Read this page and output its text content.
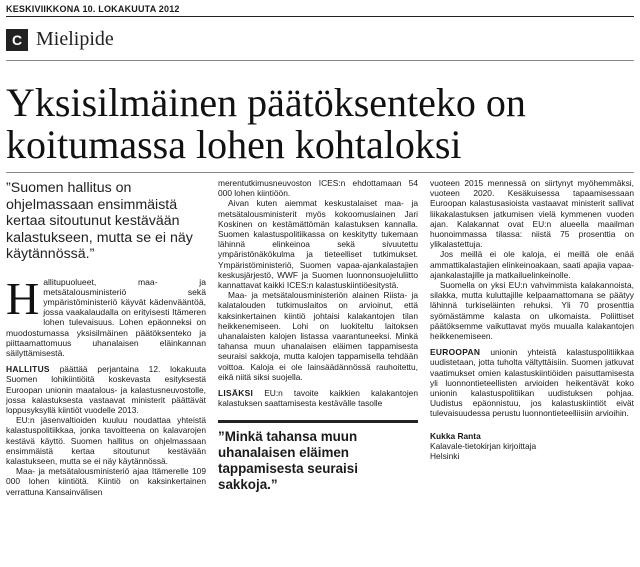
KESKIVIIKKONA 10. LOKAKUUTA 2012
C Mielipide
Yksisilmäinen päätöksenteko on koitumassa lohen kohtaloksi
”Suomen hallitus on ohjelmassaan ensimmäistä kertaa sitoutunut kestävään kalastukseen, mutta se ei näy käytännössä.”

Hallitupuolueet, maa- ja metsätalousministeriö sekä ympäristöministeriö käyvät kädenvääntöä, jossa vaakalaudalla on erityisesti Itämeren lohen tulevaisuus. Lohen epäonneksi on muodostumassa yksisilmäinen päätöksenteko ja piittaamattomuus uhanalaisen eläinkannan säilyttämisestä.

HALLITUS päättää perjantaina 12. lokakuuta Suomen lohikiintiöitä koskevasta esityksestä Euroopan unionin maatalous- ja kalastusneuvostolle, jossa kalastuksesta vastaavat ministerit päättävät loppusyksyllä kiintiöt vuodelle 2013.

EU:n jäsenvaltioiden kuuluu noudattaa yhteistä kalastuspolitiikkaa, jonka tavoitteena on kalavarojen kestävä käyttö. Suomen hallitus on ohjelmassaan ensimmäistä kertaa sitoutunut kestävään kalastukseen, mutta se ei näy käytännössä.

Maa- ja metsätalousministeriö ajaa Itämerelle 109 000 lohen kiintiötä. Kiintiö on kaksinkertainen verrattuna Kansainvälisen

merentutkimusneuvoston ICES:n ehdottamaan 54 000 lohen kiintiöön.

Aivan kuten aiemmat keskustalaiset maa- ja metsätalousministerit myös kokoomuslainen Jari Koskinen on kestämättömän kalastuksen kannalla. Suomen kalastuspolitiikassa on keskitytty tukemaan lähinnä elinkeinoa sekä sivuutettu ympäristönäkökulma ja tieteelliset tutkimukset. Ympäristöministeriö, Suomen vapaa-ajankalastajien keskusjärjestö, WWF ja Suomen luonnonsuojeluliitto kannattavat kaikki ICES:n kalastuskiintiöesitystä.

Maa- ja metsätalousministeriön alainen Riista- ja kalatalouden tutkimuslaitos on arvioinut, että kaksinkertainen kiintiö johtaisi kalakantojen tilan heikkenemiseen. Lohi on luokiteltu laitoksen uhanalaisten kalojen listassa vaarantuneeksi. Minkä tahansa muun uhanalaisen eläimen tappamisesta seuraisi sakkoja, mutta kalojen tappamisella tehdään voittoa. Kaloja ei ole lainsäädännössä rauhoitettu, eikä niitä siksi suojella.

LISÄKSI EU:n tavoite kaikkien kalakantojen kalastuksen saattamisesta kestävälle tasolle

”Minkä tahansa muun uhanalaisen eläimen tappamisesta seuraisi sakkoja.”

vuoteen 2015 mennessä on siirtynyt myöhemmäksi, vuoteen 2020. Kesäkuisessa tapaamisessaan Euroopan kalastusasioista vastaavat ministerit sallivat liikakalastuksen jatkumisen vielä kymmenen vuoden ajan. Kalakannat ovat EU:n alueella maailman huonoimmassa tilassa: niistä 75 prosenttia on ylikalastettuja.

Jos meillä ei ole kaloja, ei meillä ole enää ammattikalastajien elinkeinoakaan, saati apajia vapaa-ajankalastajille ja matkailuelinkeinolle.

Suomella on yksi EU:n vahvimmista kalakannoista, silakka, mutta kuluttajille kelpaamattomana se päätyy lähinnä turkiseläinten rehuksi. Yli 70 prosenttia syömästämme kalasta on ulkomaista. Poliittiset päätöksemme vaikuttavat myös muualla kalakantojen heikkenemiseen.

EUROOPAN unionin yhteistä kalastuspolitiikkaa uudistetaan, jotta tuholta vältyttäisiin. Suomen jatkuvat vaatimukset omien kalastuskiintiöiden paisuttamisesta yli luonnontieteellisten arvioiden heikentävät koko unionin kalastuspolitiikan uudistuksen pohjaa. Uudistus epäonnistuu, jos kalastuskiintiöt eivät tulevaisuudessa perustu luonnontieteelliisiin arvioihin.

Kukka Ranta
Kalavale-tietokirjan kirjoittaja
Helsinki
